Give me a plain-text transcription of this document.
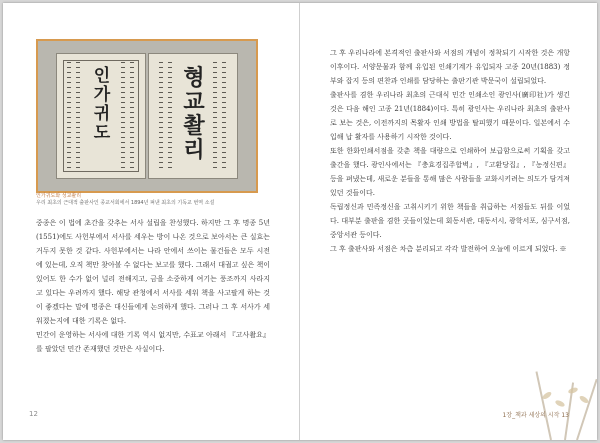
인
가
귀
도
형
교
촬
리
인가귀도와 성교촬리
우리 최초의 근대적 출판사인 종교서회에서 1894년 펴낸 최초의 기독교 번역 소설

중종은 이 법에 초간을 갖추는 서사 설립을 찬성했다. 하지만 그 후 명종 5년(1551)에도 사헌부에서 서사를 세우는 방이 나온 것으로 보아서는 큰 실효는 거두지 못한 것 같다. 사헌부에서는 나라 안에서 쓰이는 물건들은 모두 시전에 있는데, 오직 책만 찾아볼 수 없다는 보고를 했다. 그래서 대궐고 싶은 책이 있어도 한 수가 없어 널리 전해지고, 금을 소중하게 여기는 풍조까지 사라지고 있다는 우려까지 했다. 해당 관청에서 서사를 세워 책을 사고팔게 하는 것이 좋겠다는 말에 명종은 대신들에게 논의하게 했다. 그러나 그 후 서사가 세워졌는지에 대한 기록은 없다.
민간이 운영하는 서사에 대한 기록 역시 없지만, 수표교 아래서 『고사촬요』를 팔았던 민간 존재했던 것만은 사실이다.

12

그 후 우리나라에 본격적인 출판사와 서점의 개념이 정착되기 시작한 것은 개항 이후이다. 서양문물과 함께 유입된 인쇄기계가 유입되자 고종 20년(1883) 정부와 잡지 등의 편찬과 인쇄를 담당하는 출판기관 박문국이 설립되었다.
출판사를 겸한 우리나라 최초의 근대식 민간 인쇄소인 광인사(廣印社)가 생긴 것은 다음 해인 고종 21년(1884)이다. 특히 광인사는 우리나라 최초의 출판사로 보는 것은, 이전까지의 목활자 인쇄 방법을 탈피했기 때문이다. 일본에서 수입해 납 활자를 사용하기 시작한 것이다.
또한 한화인쇄서점을 갖춘 책을 대량으로 인쇄하여 보급함으로써 기획을 갖고 출간을 했다. 광인사에서는 『충효경집주합벽』, 『고환당집』, 『농정신편』 등을 펴냈는데, 새로운 분들을 통해 많은 사람들을 교화시키려는 의도가 담겨져 있던 것들이다.
독립정신과 민족정신을 고취시키기 위한 책들을 취급하는 서점들도 뒤를 이었다. 대부분 출판을 겸한 곳들이었는데 회동서관, 대동서시, 광학서포, 심구서점, 중앙서관 등이다.
그 후 출판사와 서점은 차츰 분리되고 각각 발전하여 오늘에 이르게 되었다. ※

1장_책과 세상의 시작 13
